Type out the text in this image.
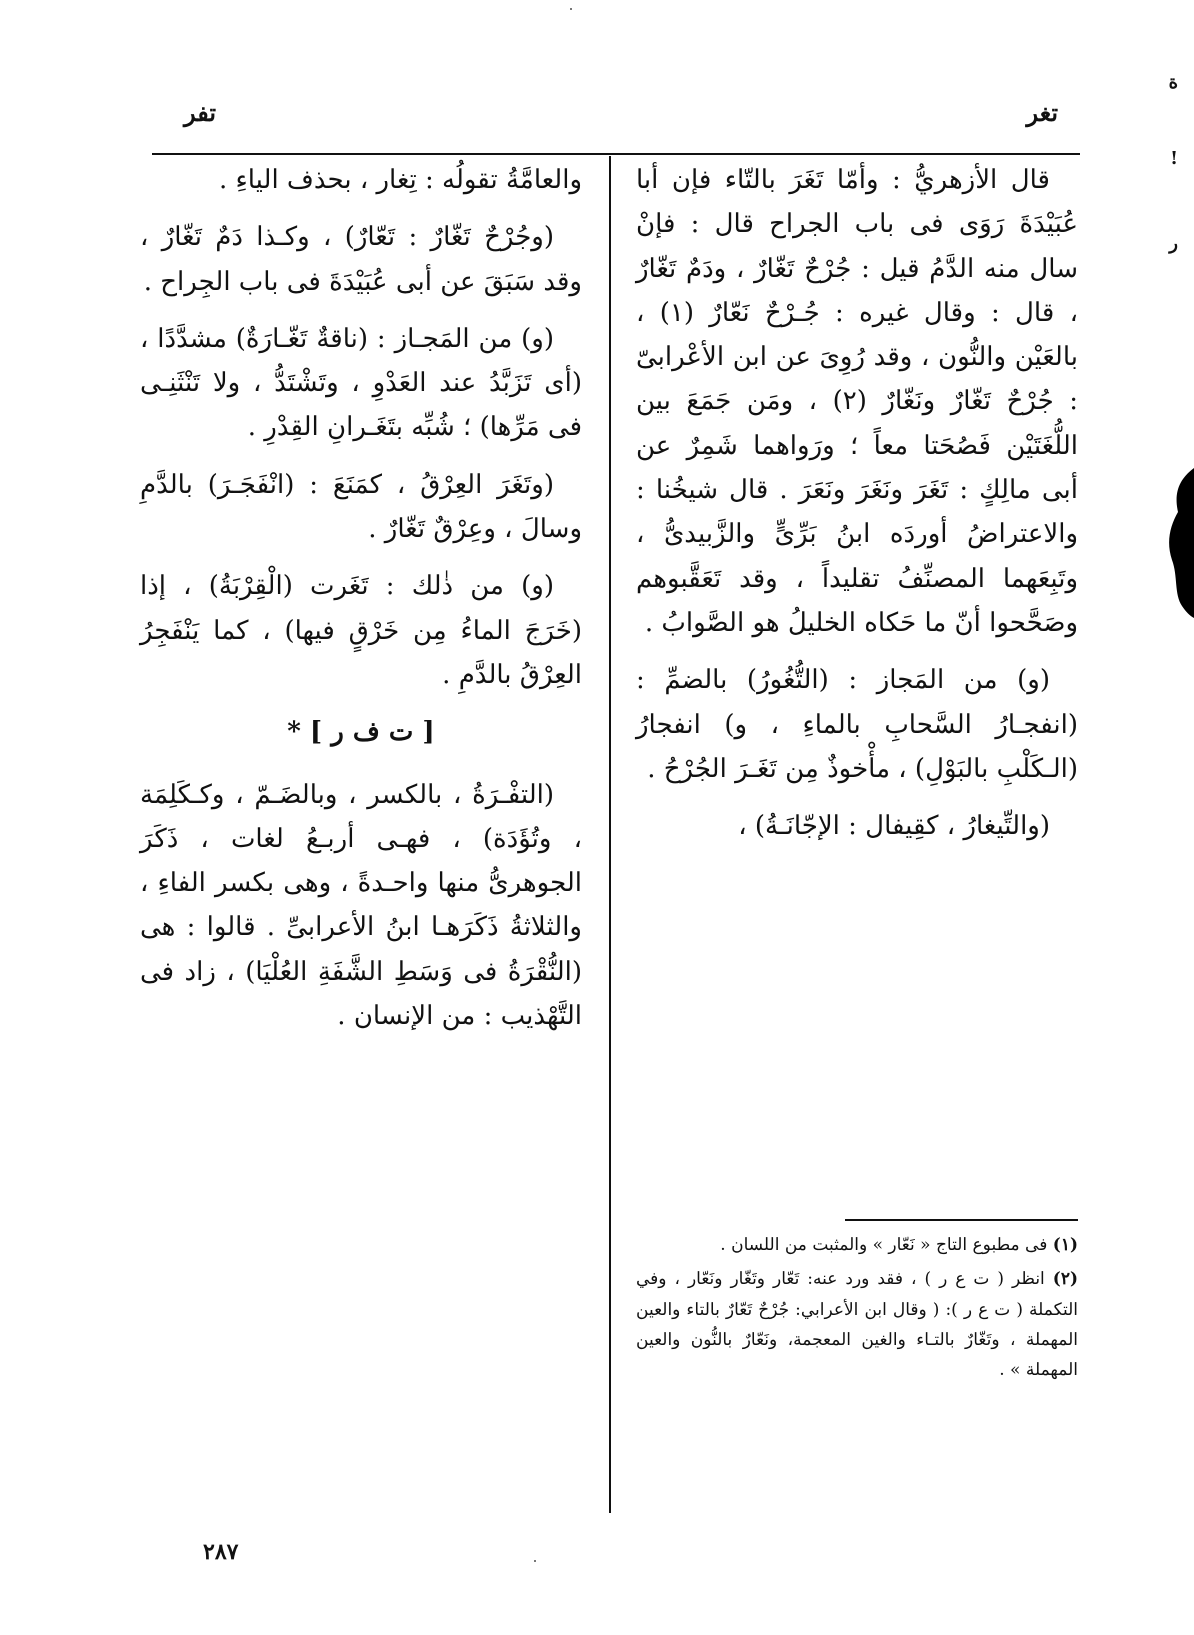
تغر
تفر

قال الأزهريُّ : وأمّا تَغَرَ بالتّاء فإن أبا عُبَيْدَةَ رَوَى فى باب الجراح قال : فإنْ سال منه الدَّمُ قيل : جُرْحٌ تَغّارٌ ، ودَمٌ تَغّارٌ ، قال : وقال غيره : جُـرْحٌ نَعّارٌ (١) ، بالعَيْن والنُّون ، وقد رُوِىَ عن ابن الأعْرابىّ : جُرْحٌ تَغّارٌ ونَغّارٌ (٢) ، ومَن جَمَعَ بين اللُّغَتَيْن فَصُحَتا معاً ؛ ورَواهما شَمِرٌ عن أبى مالِكٍ : تَغَرَ ونَغَرَ ونَعَرَ . قال شيخُنا : والاعتراضُ أوردَه ابنُ بَرِّىٍّ والزَّبيدىُّ ، وتَبِعَهما المصنِّفُ تقليداً ، وقد تَعَقَّبوهم وصَحَّحوا أنّ ما حَكاه الخليلُ هو الصَّوابُ .

(و) من المَجاز : (التُّغُورُ) بالضمِّ : (انفجـارُ السَّحابِ بالماءِ ، و) انفجارُ (الـكَلْبِ بالبَوْلِ) ، مأْخوذٌ مِن تَغَـرَ الجُرْحُ .

(والتِّيغارُ ، كقِيفال : الإجّانَـةُ) ،

والعامَّةُ تقولُه : تِغار ، بحذف الياءِ .

(وجُرْحٌ تَغّارٌ : تَعّارٌ) ، وكـذا دَمٌ تَغّارٌ ، وقد سَبَقَ عن أبى عُبَيْدَةَ فى باب الجِراح .

(و) من المَجـاز : (ناقةٌ تَغّـارَةٌ) مشدَّدًا ، (أى تَزَبَّدُ عند العَدْوِ ، وتَشْتَدُّ ، ولا تَنْثَنِـى فى مَرِّها) ؛ شُبِّه بتَغَـرانِ القِدْرِ .

(وتَغَرَ العِرْقُ ، كمَنَعَ : (انْفَجَـرَ) بالدَّمِ وسالَ ، وعِرْقٌ تَغّارٌ .

(و) من ذٰلك : تَغَرت (الْقِرْبَةُ) ، إذا (خَرَجَ الماءُ مِن خَرْقٍ فيها) ، كما يَنْفَجِرُ العِرْقُ بالدَّمِ .

[ ت ف ر ] *

(التفْـرَةُ ، بالكسر ، وبالضَـمّ ، وكـكَلِمَة ، وتُؤَدَة) ، فهـى أربـعُ لغات ، ذَكَرَ الجوهرىُّ منها واحـدةً ، وهى بكسر الفاءِ ، والثلاثةُ ذَكَرَهـا ابنُ الأعرابىِّ . قالوا : هى (النُّقْرَةُ فى وَسَطِ الشَّفَةِ العُلْيَا) ، زاد فى التَّهْذيب : من الإنسان .

(١) فى مطبوع التاج « نَعّار » والمثبت من اللسان .

(٢) انظر ( ت ع ر ) ، فقد ورد عنه: تَعّار وتَغّار ونَعّار ، وفي التكملة ( ت ع ر ): ( وقال ابن الأعرابي: جُرْحٌ تَعّارٌ بالتاء والعين المهملة ، وتَغّارٌ بالتـاء والغين المعجمة، ونَعّارٌ بالنُّون والعين المهملة » .

٢٨٧
ة
!
ر
